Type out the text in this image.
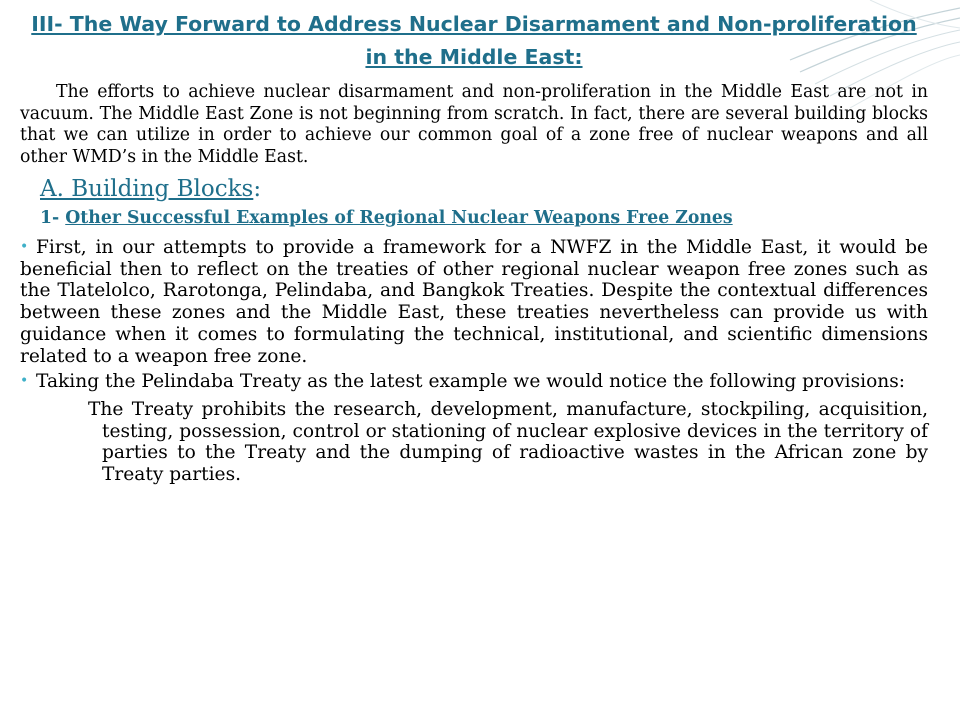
III- The Way Forward to Address Nuclear Disarmament and Non-proliferation in the Middle East:

The efforts to achieve nuclear disarmament and non-proliferation in the Middle East are not in vacuum. The Middle East Zone is not beginning from scratch. In fact, there are several building blocks that we can utilize in order to achieve our common goal of a zone free of nuclear weapons and all other WMD’s in the Middle East.

A. Building Blocks:
1- Other Successful Examples of Regional Nuclear Weapons Free Zones

• First, in our attempts to provide a framework for a NWFZ in the Middle East, it would be beneficial then to reflect on the treaties of other regional nuclear weapon free zones such as the Tlatelolco, Rarotonga, Pelindaba, and Bangkok Treaties. Despite the contextual differences between these zones and the Middle East, these treaties nevertheless can provide us with guidance when it comes to formulating the technical, institutional, and scientific dimensions related to a weapon free zone.

• Taking the Pelindaba Treaty as the latest example we would notice the following provisions:

The Treaty prohibits the research, development, manufacture, stockpiling, acquisition, testing, possession, control or stationing of nuclear explosive devices in the territory of parties to the Treaty and the dumping of radioactive wastes in the African zone by Treaty parties.
